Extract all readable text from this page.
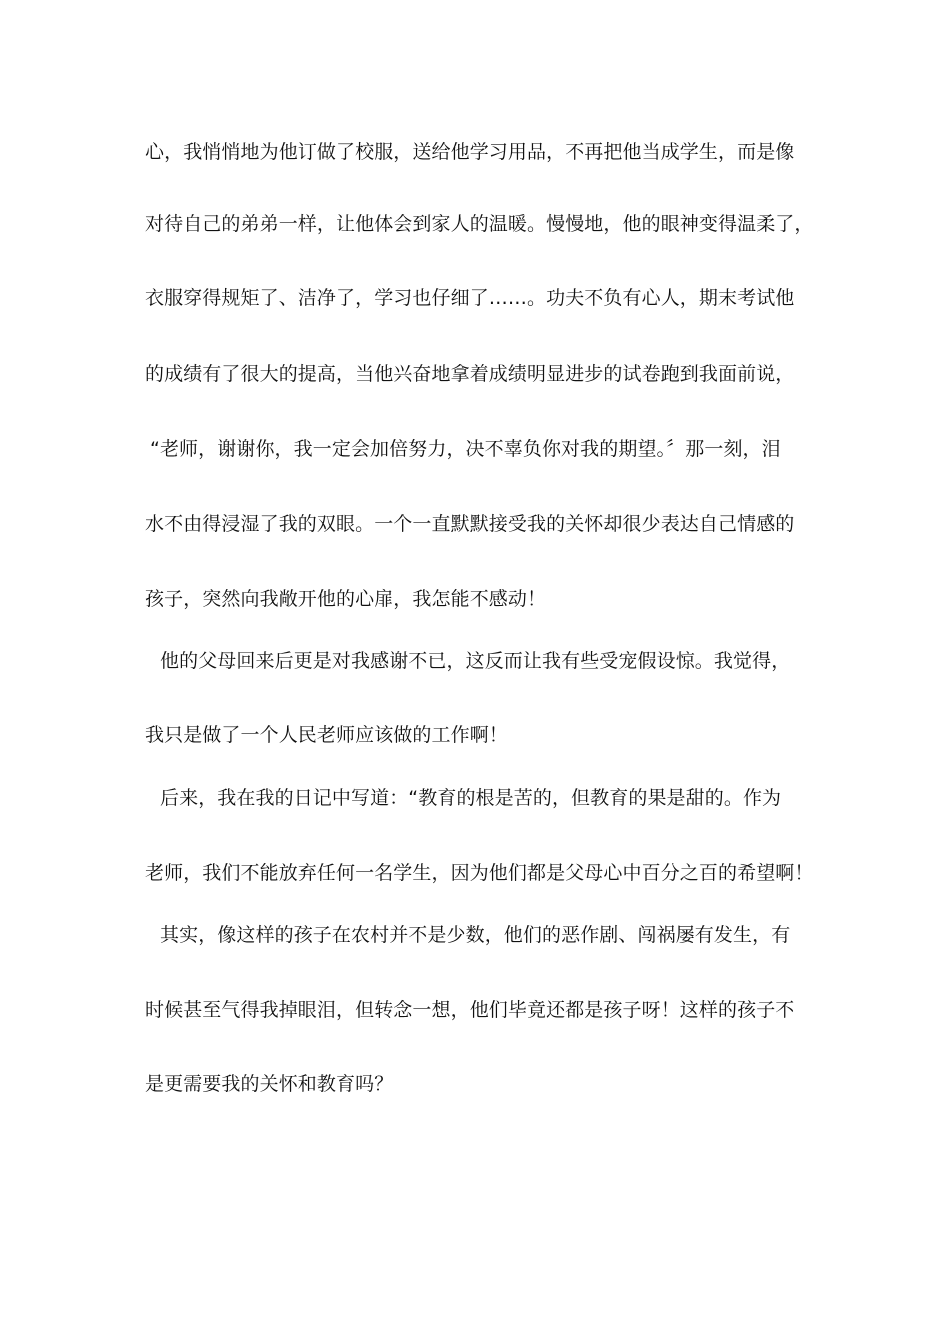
心，我悄悄地为他订做了校服，送给他学习用品，不再把他当成学生，而是像
对待自己的弟弟一样，让他体会到家人的温暖。慢慢地，他的眼神变得温柔了，
衣服穿得规矩了、洁净了，学习也仔细了……。功夫不负有心人，期末考试他
的成绩有了很大的提高，当他兴奋地拿着成绩明显进步的试卷跑到我面前说，
“老师，谢谢你，我一定会加倍努力，决不辜负你对我的期望。〞那一刻，泪
水不由得浸湿了我的双眼。一个一直默默接受我的关怀却很少表达自己情感的
孩子，突然向我敞开他的心扉，我怎能不感动！
他的父母回来后更是对我感谢不已，这反而让我有些受宠假设惊。我觉得，
我只是做了一个人民老师应该做的工作啊！
后来，我在我的日记中写道：“教育的根是苦的，但教育的果是甜的。作为
老师，我们不能放弃任何一名学生，因为他们都是父母心中百分之百的希望啊！
其实，像这样的孩子在农村并不是少数，他们的恶作剧、闯祸屡有发生，有
时候甚至气得我掉眼泪，但转念一想，他们毕竟还都是孩子呀！这样的孩子不
是更需要我的关怀和教育吗？
